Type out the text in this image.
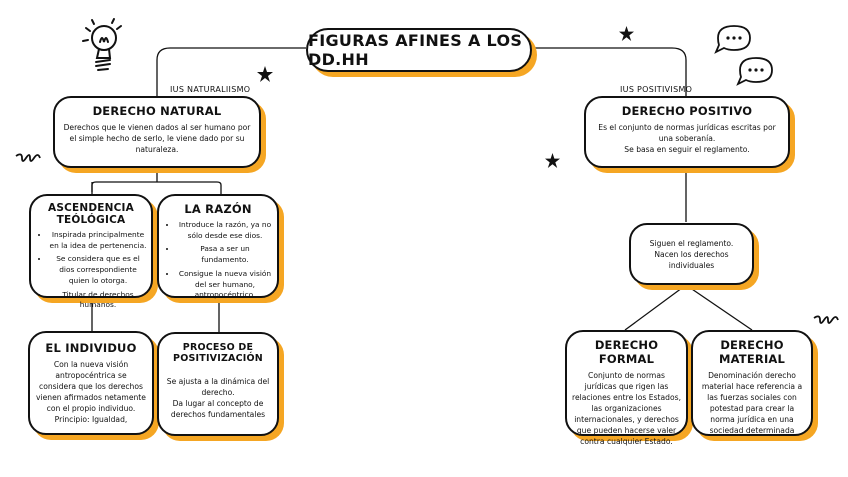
FIGURAS AFINES A LOS DD.HH
IUS NATURALIISMO	IUS POSITIVISMO
DERECHO NATURAL
Derechos que le vienen dados al ser humano por el simple hecho de serlo, le viene dado por su naturaleza.
ASCENDENCIA TEÓLÓGICA
• Inspirada principalmente en la idea de pertenencia.
• Se considera que es el dios correspondiente quien lo otorga.
• Titular de derechos humanos.
LA RAZÓN
• Introduce la razón, ya no sólo desde ese dios.
• Pasa a ser un fundamento.
• Consigue la nueva visión del ser humano, antropocéntrico.
EL INDIVIDUO
Con la nueva visión antropocéntrica se considera que los derechos vienen afirmados netamente con el propio individuo. Principio: Igualdad,
PROCESO DE POSITIVIZACIÓN
Se ajusta a la dinámica del derecho.
Da lugar al concepto de derechos fundamentales
DERECHO POSITIVO
Es el conjunto de normas jurídicas escritas por una soberanía.
Se basa en seguir el reglamento.
Siguen el reglamento. Nacen los derechos individuales
DERECHO FORMAL
Conjunto de normas jurídicas que rigen las relaciones entre los Estados, las organizaciones internacionales, y derechos que pueden hacerse valer contra cualquier Estado.
DERECHO MATERIAL
Denominación derecho material hace referencia a las fuerzas sociales con potestad para crear la norma jurídica en una sociedad determinada
